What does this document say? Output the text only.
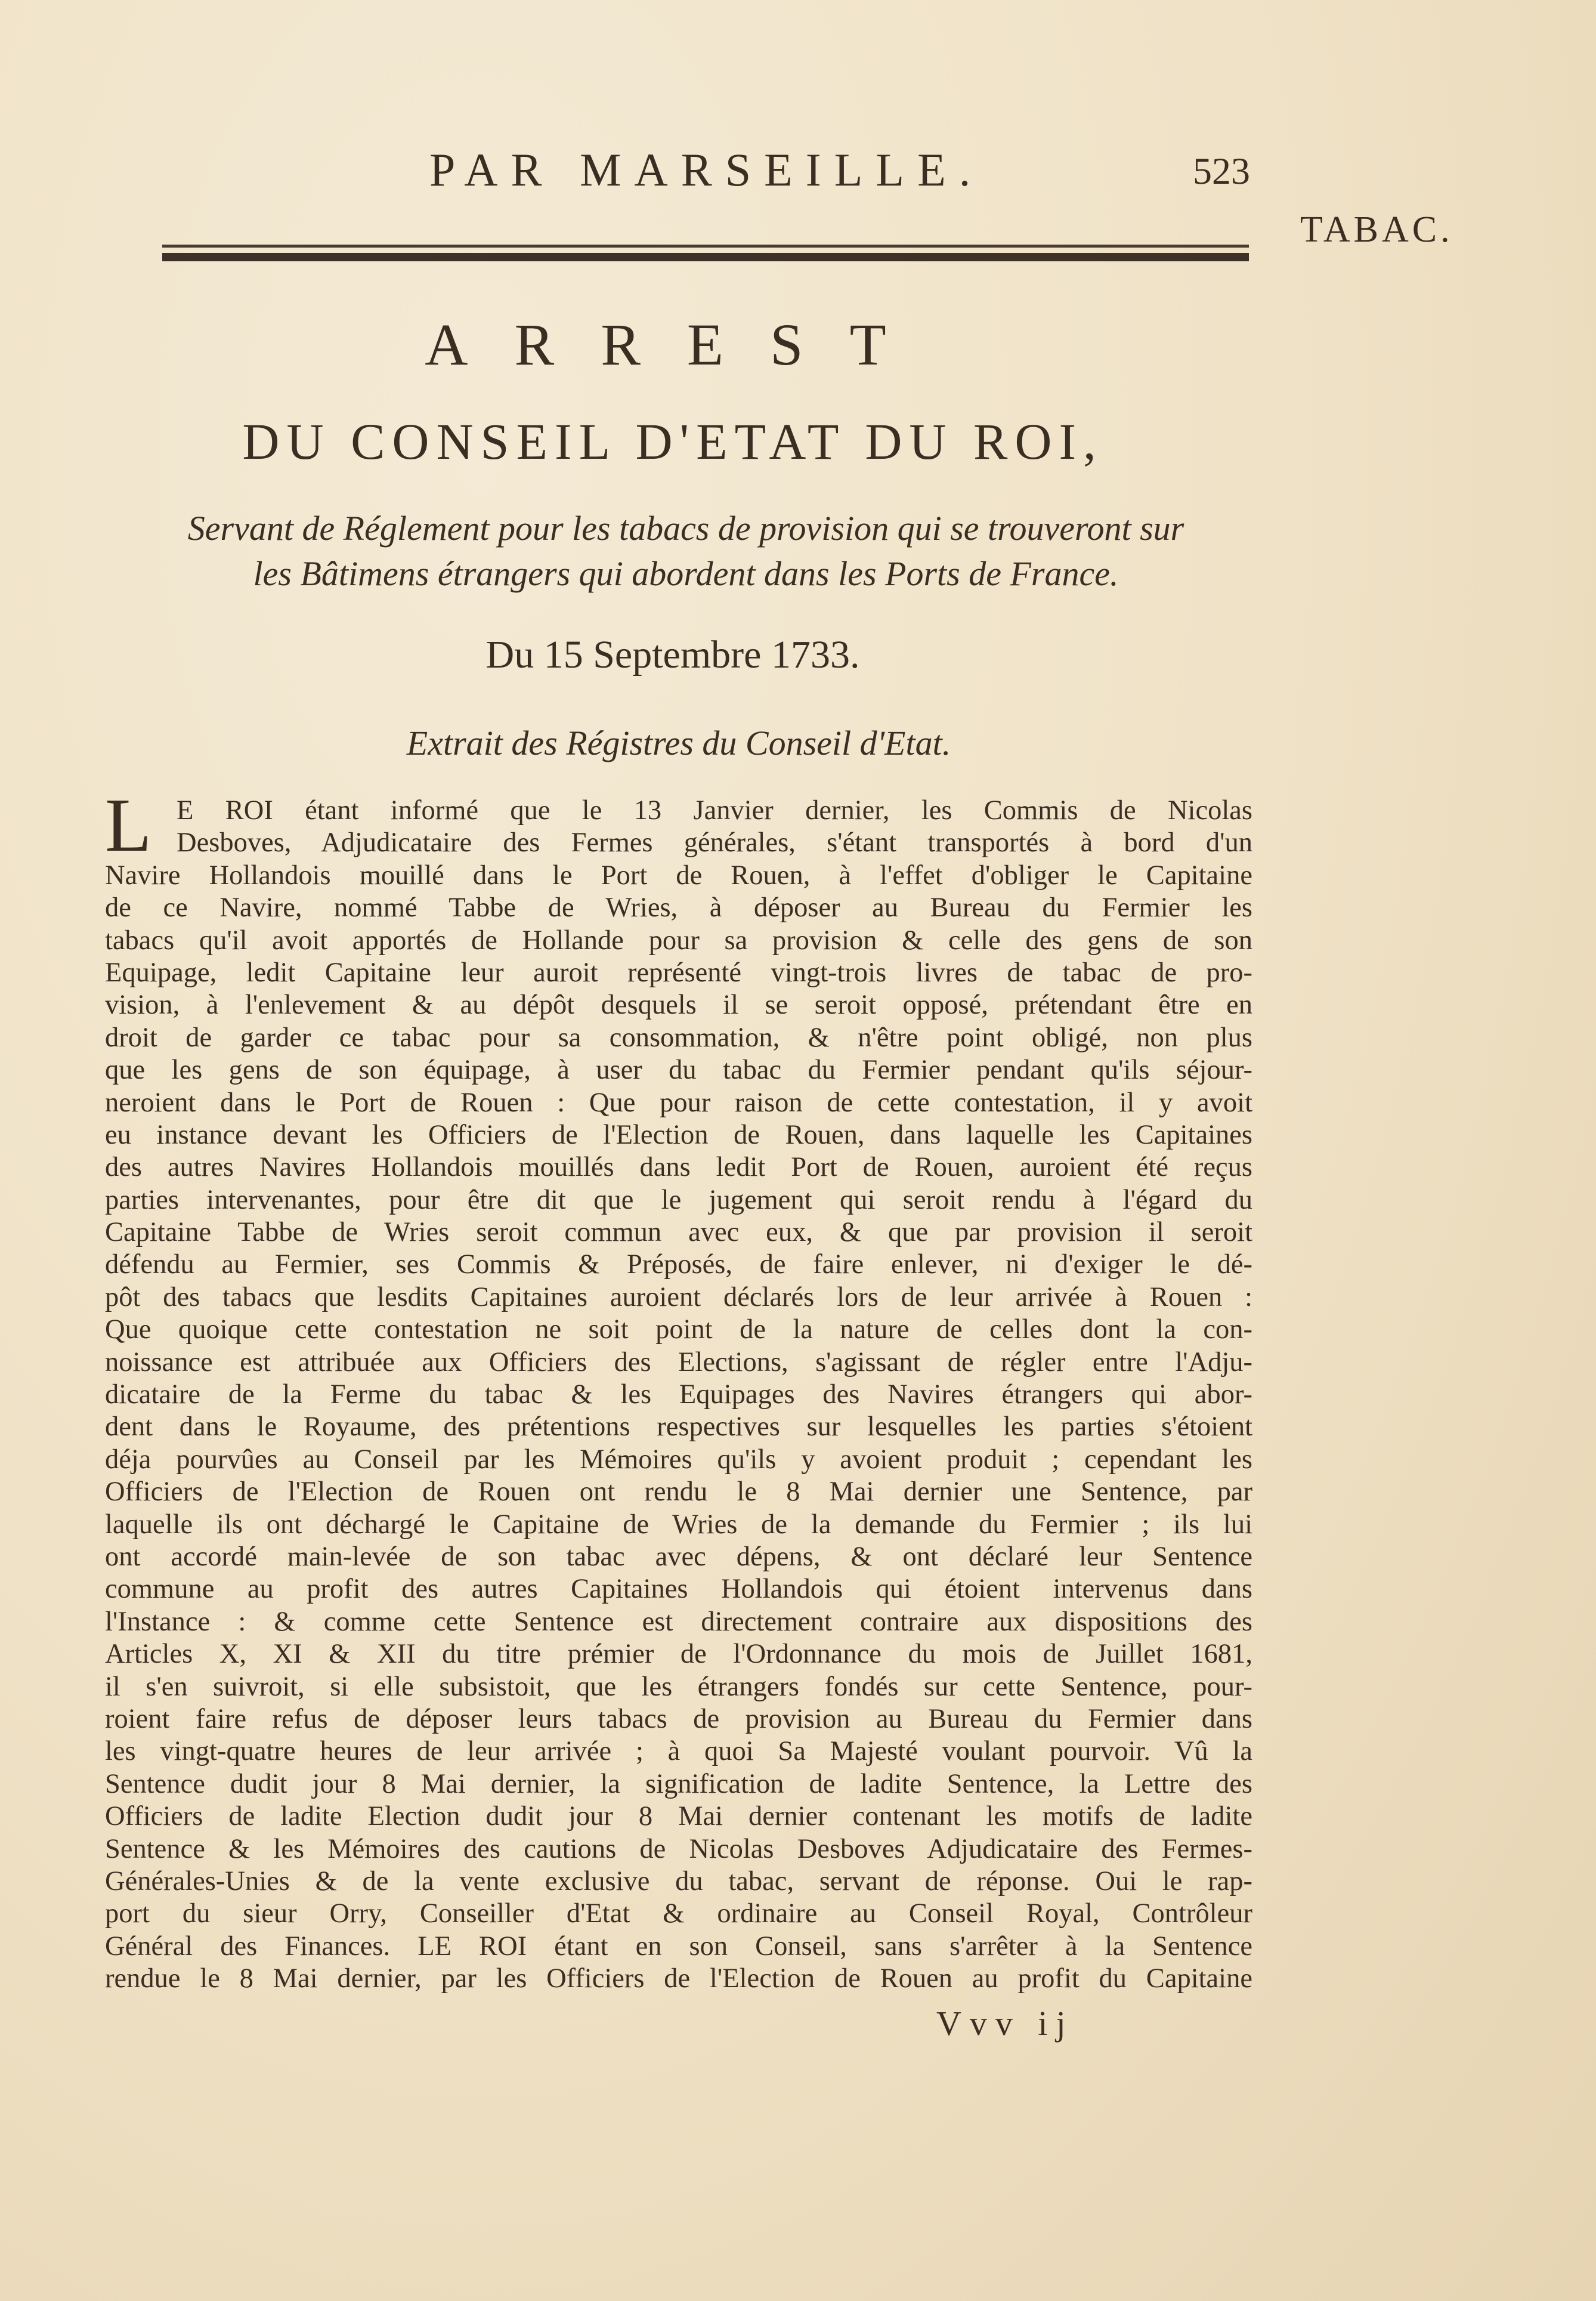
PAR MARSEILLE.	523
TABAC.
ARREST
DU CONSEIL D'ETAT DU ROI,
Servant de Réglement pour les tabacs de provision qui se trouveront sur
les Bâtimens étrangers qui abordent dans les Ports de France.
Du 15 Septembre 1733.
Extrait des Régistres du Conseil d'Etat.
L E ROI étant informé que le 13 Janvier dernier, les Commis de Nicolas
Desboves, Adjudicataire des Fermes générales, s'étant transportés à bord d'un
Navire Hollandois mouillé dans le Port de Rouen, à l'effet d'obliger le Capitaine
de ce Navire, nommé Tabbe de Wries, à déposer au Bureau du Fermier les
tabacs qu'il avoit apportés de Hollande pour sa provision & celle des gens de son
Equipage, ledit Capitaine leur auroit représenté vingt-trois livres de tabac de pro-
vision, à l'enlevement & au dépôt desquels il se seroit opposé, prétendant être en
droit de garder ce tabac pour sa consommation, & n'être point obligé, non plus
que les gens de son équipage, à user du tabac du Fermier pendant qu'ils séjour-
neroient dans le Port de Rouen : Que pour raison de cette contestation, il y avoit
eu instance devant les Officiers de l'Election de Rouen, dans laquelle les Capitaines
des autres Navires Hollandois mouillés dans ledit Port de Rouen, auroient été reçus
parties intervenantes, pour être dit que le jugement qui seroit rendu à l'égard du
Capitaine Tabbe de Wries seroit commun avec eux, & que par provision il seroit
défendu au Fermier, ses Commis & Préposés, de faire enlever, ni d'exiger le dé-
pôt des tabacs que lesdits Capitaines auroient déclarés lors de leur arrivée à Rouen :
Que quoique cette contestation ne soit point de la nature de celles dont la con-
noissance est attribuée aux Officiers des Elections, s'agissant de régler entre l'Adju-
dicataire de la Ferme du tabac & les Equipages des Navires étrangers qui abor-
dent dans le Royaume, des prétentions respectives sur lesquelles les parties s'étoient
déja pourvûes au Conseil par les Mémoires qu'ils y avoient produit ; cependant les
Officiers de l'Election de Rouen ont rendu le 8 Mai dernier une Sentence, par
laquelle ils ont déchargé le Capitaine de Wries de la demande du Fermier ; ils lui
ont accordé main-levée de son tabac avec dépens, & ont déclaré leur Sentence
commune au profit des autres Capitaines Hollandois qui étoient intervenus dans
l'Instance : & comme cette Sentence est directement contraire aux dispositions des
Articles X, XI & XII du titre prémier de l'Ordonnance du mois de Juillet 1681,
il s'en suivroit, si elle subsistoit, que les étrangers fondés sur cette Sentence, pour-
roient faire refus de déposer leurs tabacs de provision au Bureau du Fermier dans
les vingt-quatre heures de leur arrivée ; à quoi Sa Majesté voulant pourvoir. Vû la
Sentence dudit jour 8 Mai dernier, la signification de ladite Sentence, la Lettre des
Officiers de ladite Election dudit jour 8 Mai dernier contenant les motifs de ladite
Sentence & les Mémoires des cautions de Nicolas Desboves Adjudicataire des Fermes-
Générales-Unies & de la vente exclusive du tabac, servant de réponse. Oui le rap-
port du sieur Orry, Conseiller d'Etat & ordinaire au Conseil Royal, Contrôleur
Général des Finances. LE ROI étant en son Conseil, sans s'arrêter à la Sentence
rendue le 8 Mai dernier, par les Officiers de l'Election de Rouen au profit du Capitaine
Vvv ij
